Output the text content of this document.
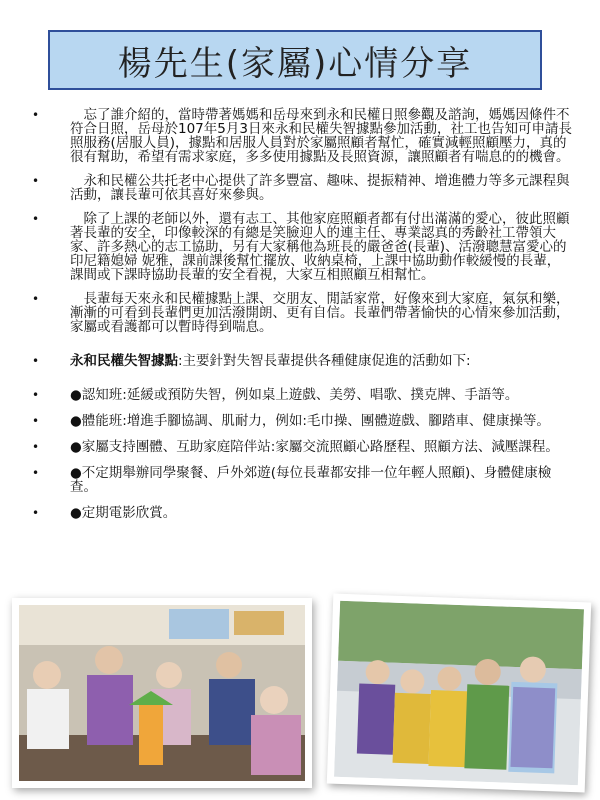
楊先生(家屬)心情分享
• 　忘了誰介紹的，當時帶著媽媽和岳母來到永和民權日照參觀及諮詢，媽媽因條件不符合日照，岳母於107年5月3日來永和民權失智據點參加活動，社工也告知可申請長照服務(居服人員)，據點和居服人員對於家屬照顧者幫忙，確實減輕照顧壓力，真的很有幫助，希望有需求家庭，多多使用據點及長照資源，讓照顧者有喘息的的機會。
• 　永和民權公共托老中心提供了許多豐富、趣味、提振精神、增進體力等多元課程與活動，讓長輩可依其喜好來參與。
• 　除了上課的老師以外，還有志工、其他家庭照顧者都有付出滿滿的愛心，彼此照顧著長輩的安全，印像較深的有總是笑臉迎人的連主任、專業認真的秀齡社工帶領大家、許多熱心的志工協助，另有大家稱他為班長的嚴爸爸(長輩)、活潑聰慧富愛心的印尼籍媳婦 妮雅，課前課後幫忙擺放、收納桌椅，上課中協助動作較緩慢的長輩，課間或下課時協助長輩的安全看視，大家互相照顧互相幫忙。
• 　長輩每天來永和民權據點上課、交朋友、閒話家常，好像來到大家庭，氣氛和樂，漸漸的可看到長輩們更加活潑開朗、更有自信。長輩們帶著愉快的心情來參加活動，家屬或看護都可以暫時得到喘息。
• 永和民權失智據點:主要針對失智長輩提供各種健康促進的活動如下:
• ●認知班:延緩或預防失智，例如桌上遊戲、美勞、唱歌、撲克牌、手語等。
• ●體能班:增進手腳協調、肌耐力，例如:毛巾操、團體遊戲、腳踏車、健康操等。
• ●家屬支持團體、互助家庭陪伴站:家屬交流照顧心路歷程、照顧方法、減壓課程。
• ●不定期舉辦同學聚餐、戶外郊遊(每位長輩都安排一位年輕人照顧)、身體健康檢查。
• ●定期電影欣賞。
